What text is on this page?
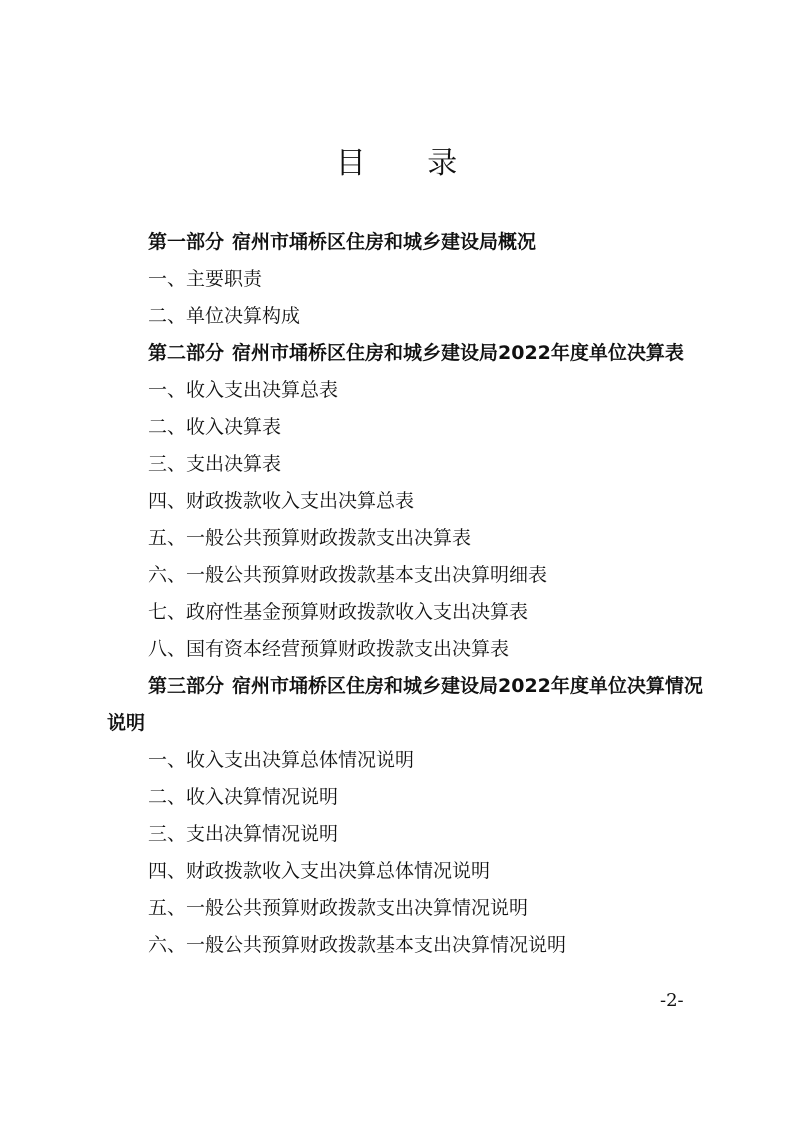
目 录
第一部分 宿州市埇桥区住房和城乡建设局概况
一、主要职责
二、单位决算构成
第二部分 宿州市埇桥区住房和城乡建设局2022年度单位决算表
一、收入支出决算总表
二、收入决算表
三、支出决算表
四、财政拨款收入支出决算总表
五、一般公共预算财政拨款支出决算表
六、一般公共预算财政拨款基本支出决算明细表
七、政府性基金预算财政拨款收入支出决算表
八、国有资本经营预算财政拨款支出决算表
第三部分 宿州市埇桥区住房和城乡建设局2022年度单位决算情况说明
一、收入支出决算总体情况说明
二、收入决算情况说明
三、支出决算情况说明
四、财政拨款收入支出决算总体情况说明
五、一般公共预算财政拨款支出决算情况说明
六、一般公共预算财政拨款基本支出决算情况说明
-2-
